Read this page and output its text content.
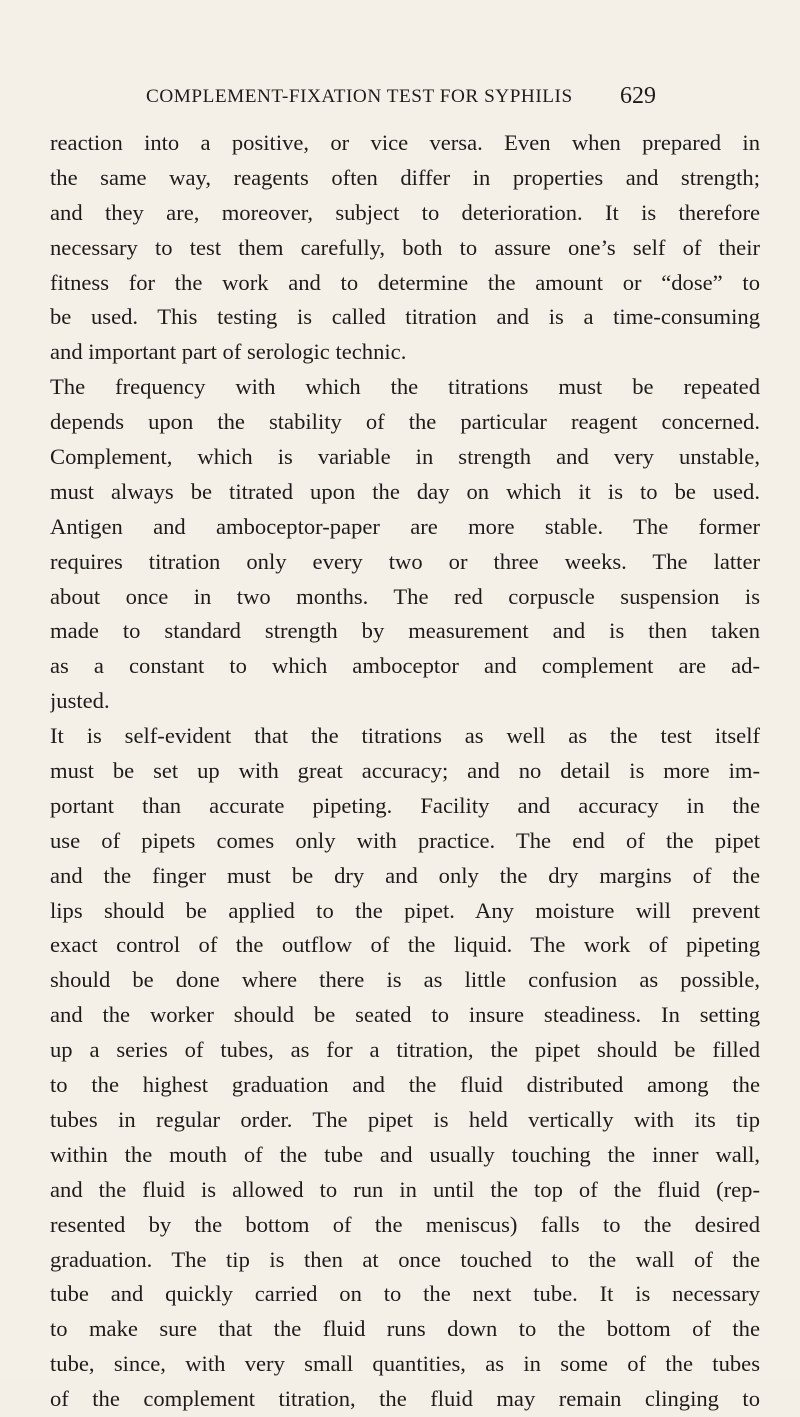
COMPLEMENT-FIXATION TEST FOR SYPHILIS 629
reaction into a positive, or vice versa. Even when prepared in
the same way, reagents often differ in properties and strength;
and they are, moreover, subject to deterioration. It is therefore
necessary to test them carefully, both to assure one’s self of their
fitness for the work and to determine the amount or “dose” to
be used. This testing is called titration and is a time-consuming
and important part of serologic technic.
The frequency with which the titrations must be repeated
depends upon the stability of the particular reagent concerned.
Complement, which is variable in strength and very unstable,
must always be titrated upon the day on which it is to be used.
Antigen and amboceptor-paper are more stable. The former
requires titration only every two or three weeks. The latter
about once in two months. The red corpuscle suspension is
made to standard strength by measurement and is then taken
as a constant to which amboceptor and complement are ad-
justed.
It is self-evident that the titrations as well as the test itself
must be set up with great accuracy; and no detail is more im-
portant than accurate pipeting. Facility and accuracy in the
use of pipets comes only with practice. The end of the pipet
and the finger must be dry and only the dry margins of the
lips should be applied to the pipet. Any moisture will prevent
exact control of the outflow of the liquid. The work of pipeting
should be done where there is as little confusion as possible,
and the worker should be seated to insure steadiness. In setting
up a series of tubes, as for a titration, the pipet should be filled
to the highest graduation and the fluid distributed among the
tubes in regular order. The pipet is held vertically with its tip
within the mouth of the tube and usually touching the inner wall,
and the fluid is allowed to run in until the top of the fluid (rep-
resented by the bottom of the meniscus) falls to the desired
graduation. The tip is then at once touched to the wall of the
tube and quickly carried on to the next tube. It is necessary
to make sure that the fluid runs down to the bottom of the
tube, since, with very small quantities, as in some of the tubes
of the complement titration, the fluid may remain clinging to
